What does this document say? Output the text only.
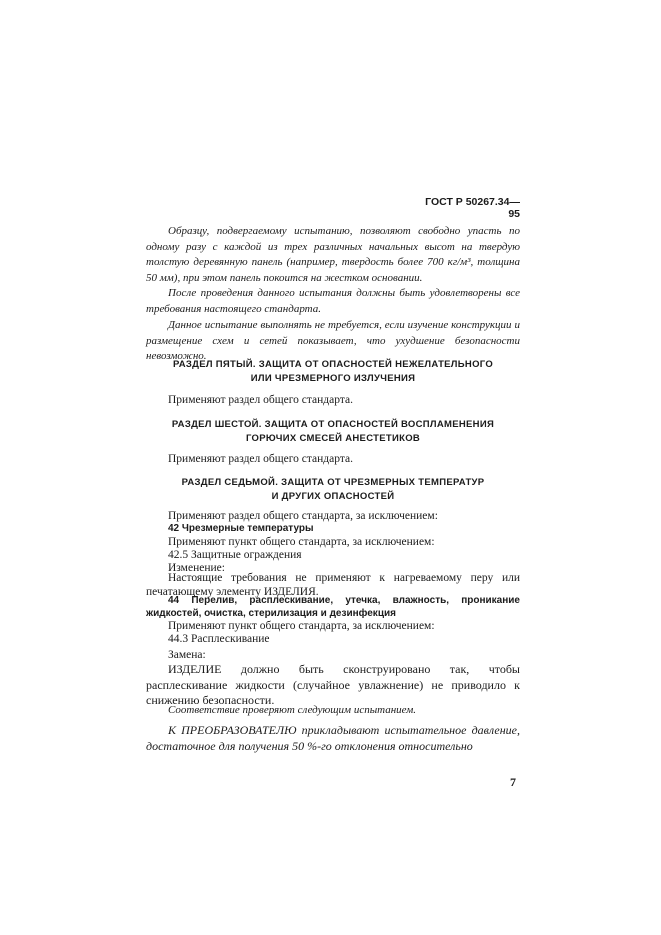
ГОСТ Р 50267.34—95

Образцу, подвергаемому испытанию, позволяют свободно упасть по одному разу с каждой из трех различных начальных высот на твердую толстую деревянную панель (например, твердость более 700 кг/м³, толщина 50 мм), при этом панель покоится на жестком основании.

После проведения данного испытания должны быть удовлетворены все требования настоящего стандарта.

Данное испытание выполнять не требуется, если изучение конструкции и размещение схем и сетей показывает, что ухудшение безопасности невозможно.

РАЗДЕЛ ПЯТЫЙ. ЗАЩИТА ОТ ОПАСНОСТЕЙ НЕЖЕЛАТЕЛЬНОГО
ИЛИ ЧРЕЗМЕРНОГО ИЗЛУЧЕНИЯ

Применяют раздел общего стандарта.

РАЗДЕЛ ШЕСТОЙ. ЗАЩИТА ОТ ОПАСНОСТЕЙ ВОСПЛАМЕНЕНИЯ
ГОРЮЧИХ СМЕСЕЙ АНЕСТЕТИКОВ

Применяют раздел общего стандарта.

РАЗДЕЛ СЕДЬМОЙ. ЗАЩИТА ОТ ЧРЕЗМЕРНЫХ ТЕМПЕРАТУР
И ДРУГИХ ОПАСНОСТЕЙ

Применяют раздел общего стандарта, за исключением:

42 Чрезмерные температуры

Применяют пункт общего стандарта, за исключением:

42.5 Защитные ограждения

Изменение:

Настоящие требования не применяют к нагреваемому перу или печатающему элементу ИЗДЕЛИЯ.

44 Перелив, расплескивание, утечка, влажность, проникание жидкостей, очистка, стерилизация и дезинфекция

Применяют пункт общего стандарта, за исключением:

44.3 Расплескивание

Замена:

ИЗДЕЛИЕ должно быть сконструировано так, чтобы расплескивание жидкости (случайное увлажнение) не приводило к снижению безопасности.

Соответствие проверяют следующим испытанием.

К ПРЕОБРАЗОВАТЕЛЮ прикладывают испытательное давление, достаточное для получения 50 %-го отклонения относительно

7
